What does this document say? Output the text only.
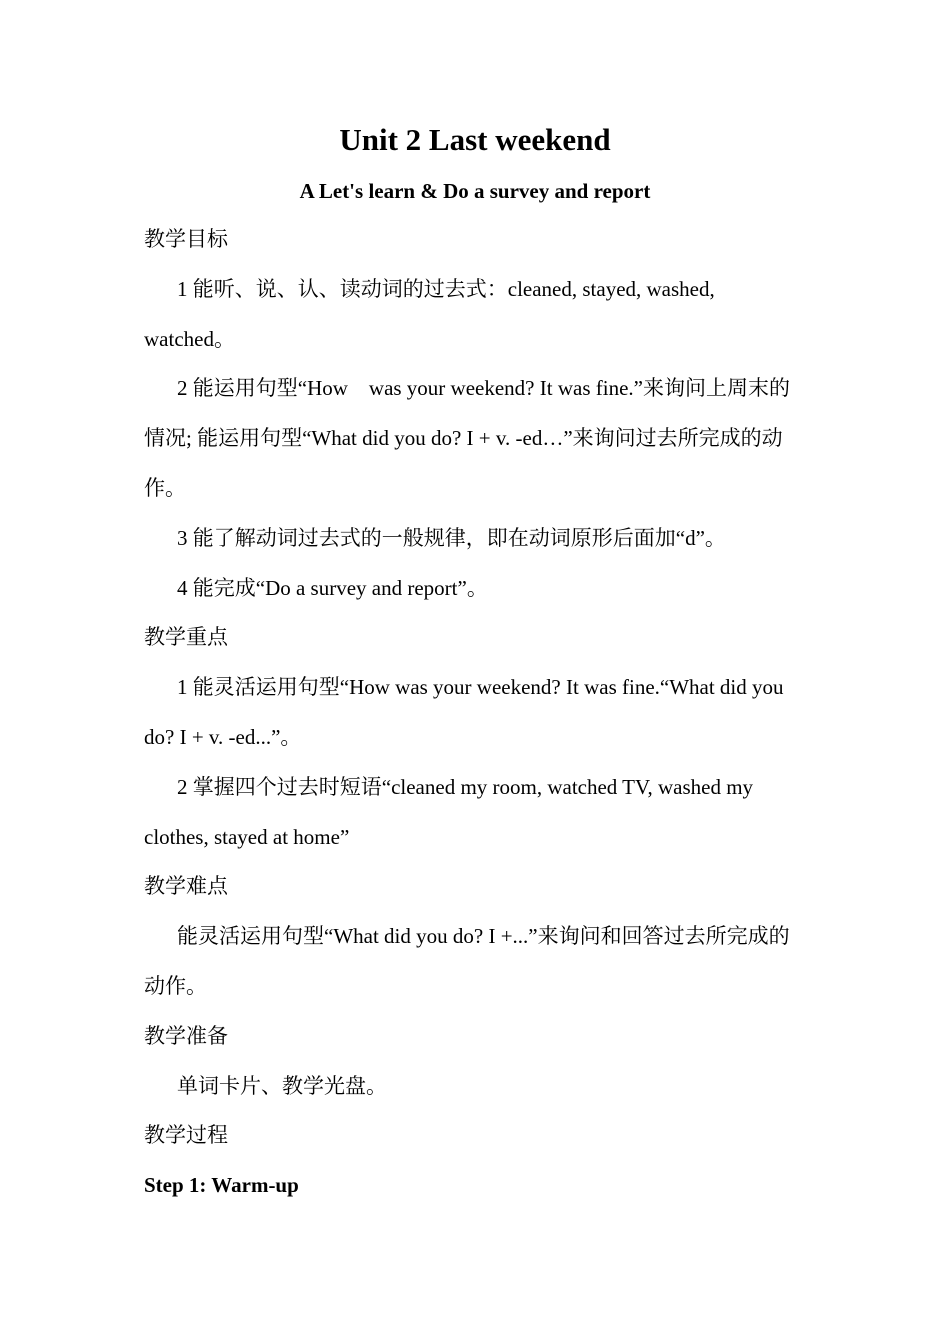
Unit 2 Last weekend
A Let's learn & Do a survey and report

教学目标

1 能听、说、认、读动词的过去式：cleaned, stayed, washed, watched。

2 能运用句型“How　was your weekend? It was fine.”来询问上周末的情况; 能运用句型“What did you do? I + v. -ed…”来询问过去所完成的动作。

3 能了解动词过去式的一般规律，即在动词原形后面加“d”。

4 能完成“Do a survey and report”。

教学重点

1 能灵活运用句型“How was your weekend? It was fine.“What did you do? I + v. -ed...”。

2 掌握四个过去时短语“cleaned my room, watched TV, washed my clothes, stayed at home”

教学难点

能灵活运用句型“What did you do? I +...”来询问和回答过去所完成的动作。

教学准备

单词卡片、教学光盘。

教学过程

Step 1: Warm-up
